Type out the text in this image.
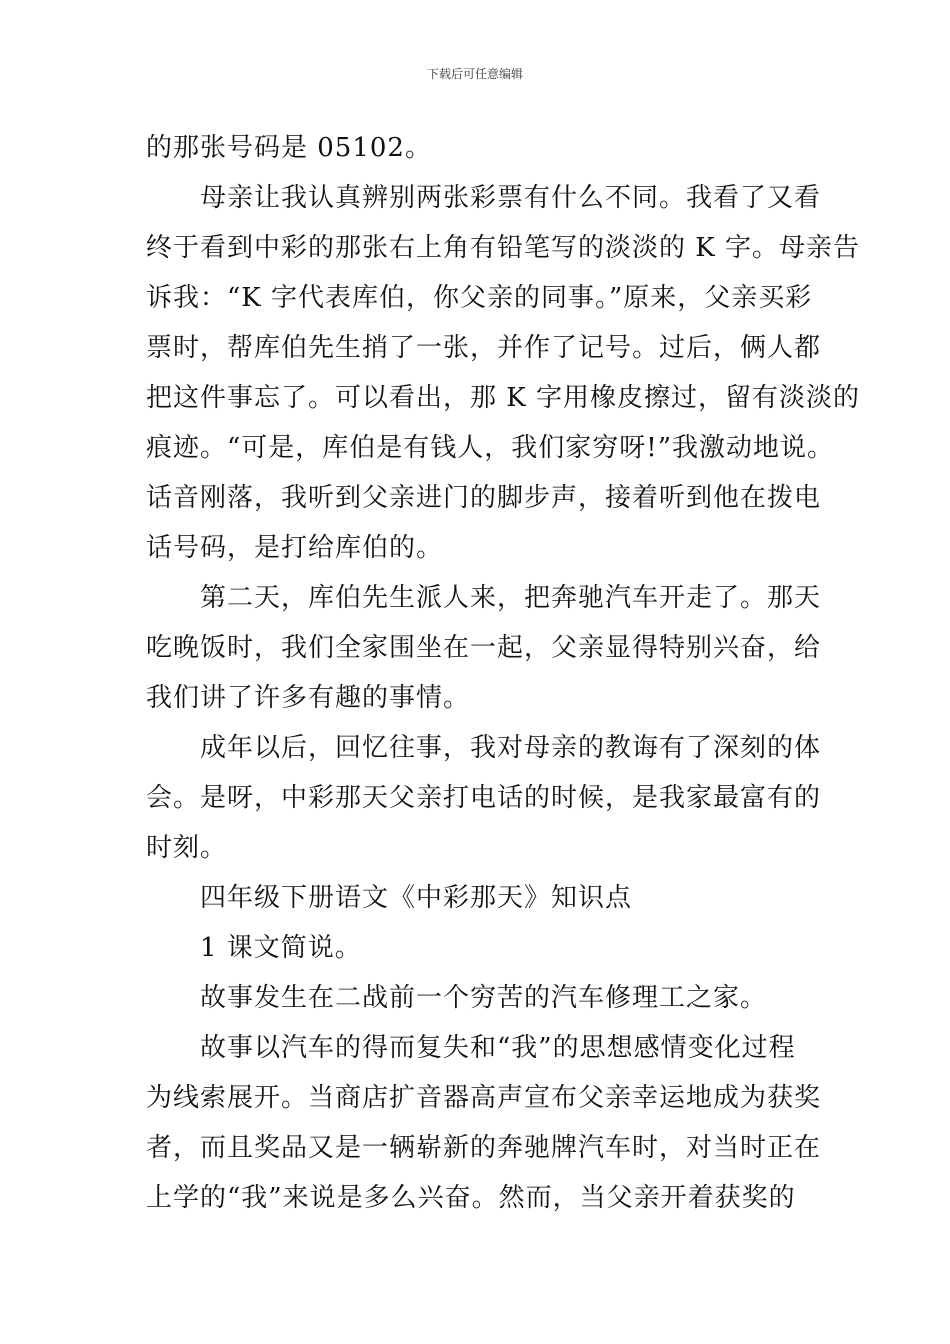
下载后可任意编辑
的那张号码是 05102。
母亲让我认真辨别两张彩票有什么不同。我看了又看
终于看到中彩的那张右上角有铅笔写的淡淡的 K 字。母亲告
诉我：“K 字代表库伯，你父亲的同事。”原来，父亲买彩
票时，帮库伯先生捎了一张，并作了记号。过后，俩人都
把这件事忘了。可以看出，那 K 字用橡皮擦过，留有淡淡的
痕迹。“可是，库伯是有钱人，我们家穷呀!”我激动地说。
话音刚落，我听到父亲进门的脚步声，接着听到他在拨电
话号码，是打给库伯的。
第二天，库伯先生派人来，把奔驰汽车开走了。那天
吃晚饭时，我们全家围坐在一起，父亲显得特别兴奋，给
我们讲了许多有趣的事情。
成年以后，回忆往事，我对母亲的教诲有了深刻的体
会。是呀，中彩那天父亲打电话的时候，是我家最富有的
时刻。
四年级下册语文《中彩那天》知识点
1 课文简说。
故事发生在二战前一个穷苦的汽车修理工之家。
故事以汽车的得而复失和“我”的思想感情变化过程
为线索展开。当商店扩音器高声宣布父亲幸运地成为获奖
者，而且奖品又是一辆崭新的奔驰牌汽车时，对当时正在
上学的“我”来说是多么兴奋。然而，当父亲开着获奖的
